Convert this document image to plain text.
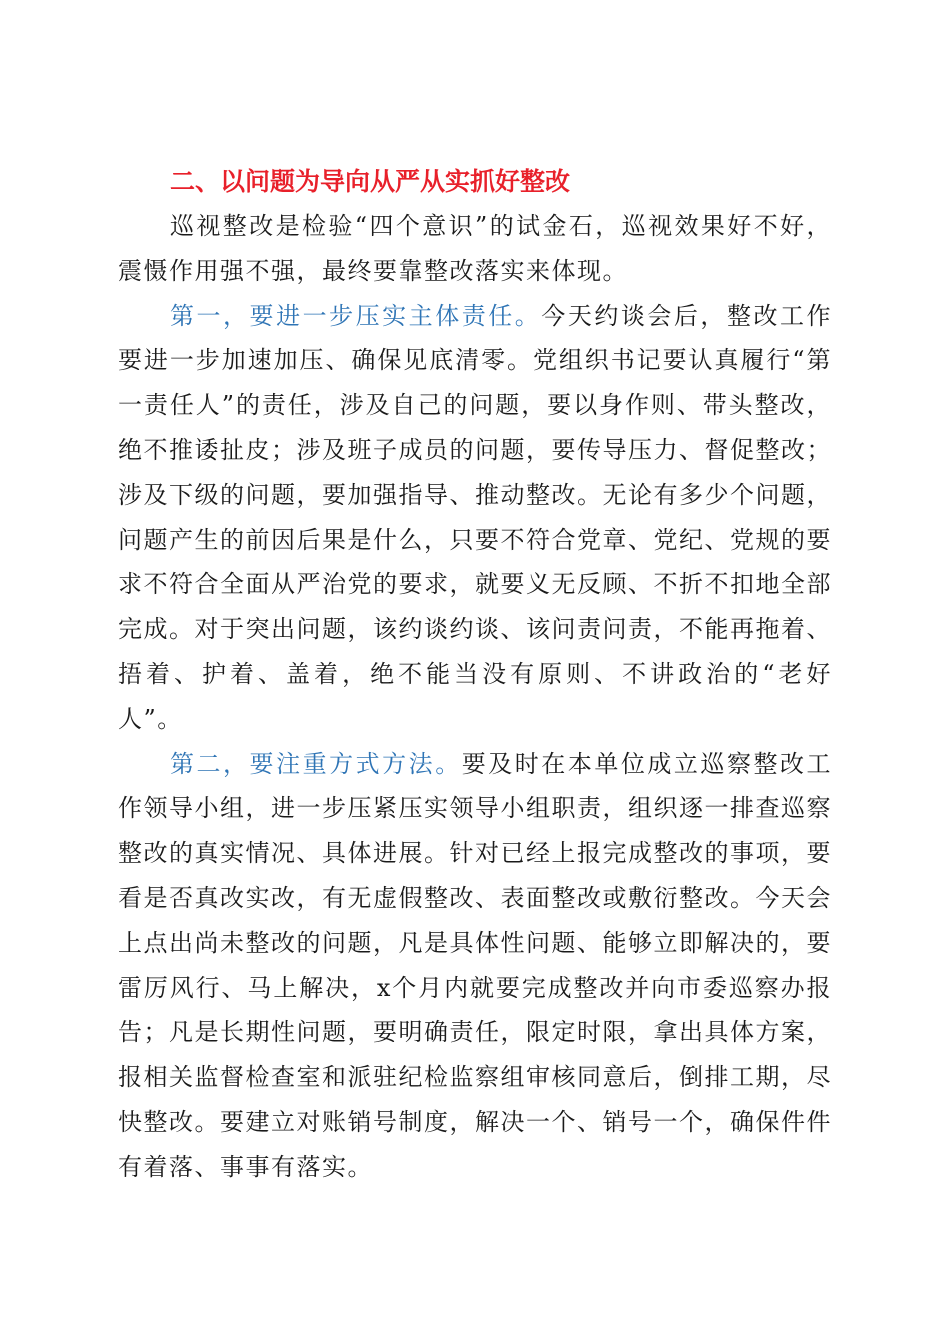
二、以问题为导向从严从实抓好整改

巡视整改是检验“四个意识”的试金石，巡视效果好不好，震慑作用强不强，最终要靠整改落实来体现。

第一，要进一步压实主体责任。今天约谈会后，整改工作要进一步加速加压、确保见底清零。党组织书记要认真履行“第一责任人”的责任，涉及自己的问题，要以身作则、带头整改，绝不推诿扯皮；涉及班子成员的问题，要传导压力、督促整改；涉及下级的问题，要加强指导、推动整改。无论有多少个问题，问题产生的前因后果是什么，只要不符合党章、党纪、党规的要求不符合全面从严治党的要求，就要义无反顾、不折不扣地全部完成。对于突出问题，该约谈约谈、该问责问责，不能再拖着、捂着、护着、盖着，绝不能当没有原则、不讲政治的“老好人”。

第二，要注重方式方法。要及时在本单位成立巡察整改工作领导小组，进一步压紧压实领导小组职责，组织逐一排查巡察整改的真实情况、具体进展。针对已经上报完成整改的事项，要看是否真改实改，有无虚假整改、表面整改或敷衍整改。今天会上点出尚未整改的问题，凡是具体性问题、能够立即解决的，要雷厉风行、马上解决，x个月内就要完成整改并向市委巡察办报告；凡是长期性问题，要明确责任，限定时限，拿出具体方案，报相关监督检查室和派驻纪检监察组审核同意后，倒排工期，尽快整改。要建立对账销号制度，解决一个、销号一个，确保件件有着落、事事有落实。
